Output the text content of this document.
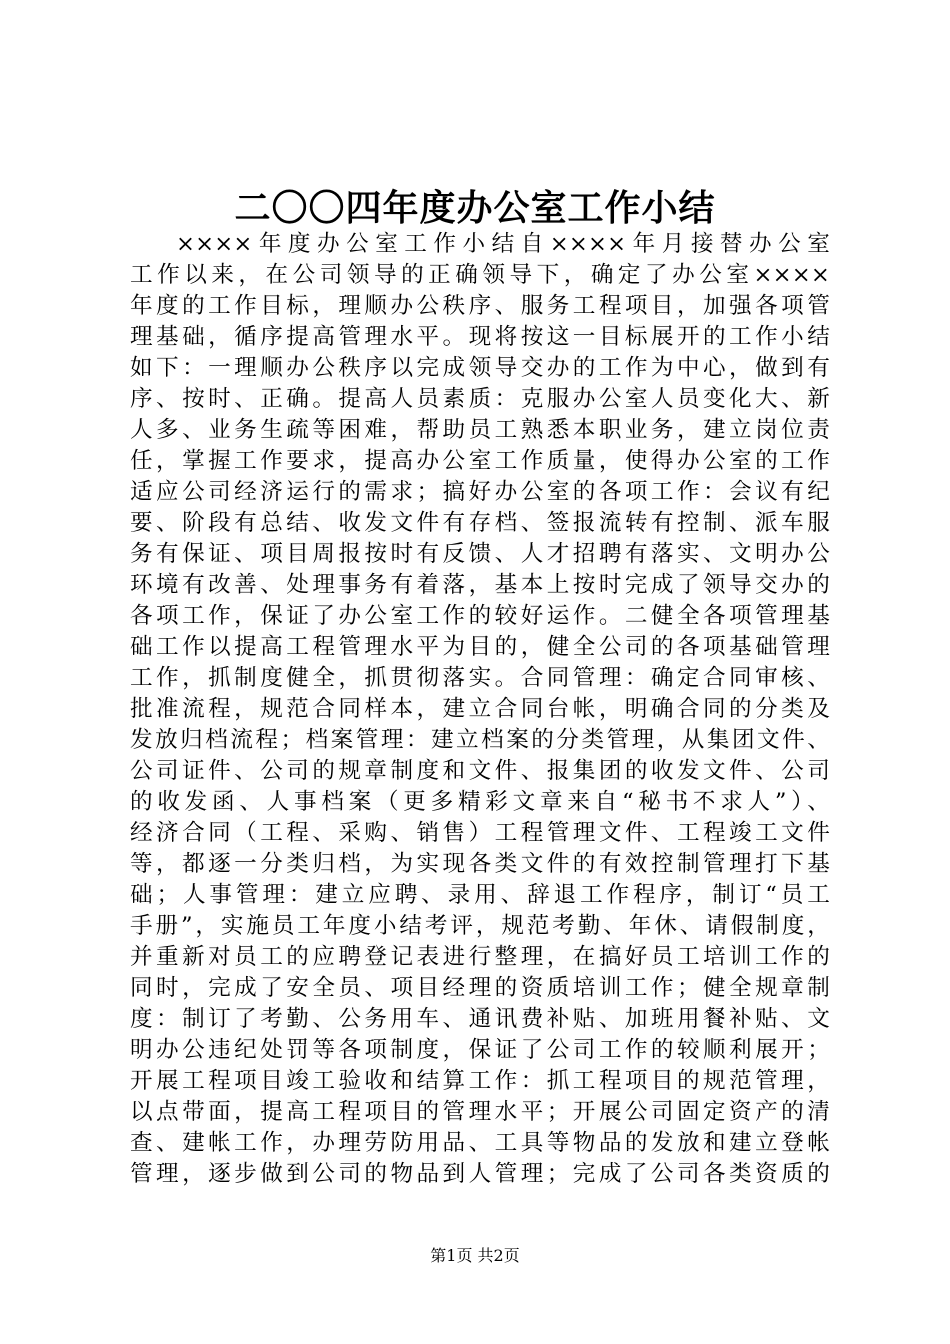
二〇〇四年度办公室工作小结
××××年度办公室工作小结自××××年月接替办公室
工作以来，在公司领导的正确领导下，确定了办公室××××
年度的工作目标，理顺办公秩序、服务工程项目，加强各项管
理基础，循序提高管理水平。现将按这一目标展开的工作小结
如下：一理顺办公秩序以完成领导交办的工作为中心，做到有
序、按时、正确。提高人员素质：克服办公室人员变化大、新
人多、业务生疏等困难，帮助员工熟悉本职业务，建立岗位责
任，掌握工作要求，提高办公室工作质量，使得办公室的工作
适应公司经济运行的需求；搞好办公室的各项工作：会议有纪
要、阶段有总结、收发文件有存档、签报流转有控制、派车服
务有保证、项目周报按时有反馈、人才招聘有落实、文明办公
环境有改善、处理事务有着落，基本上按时完成了领导交办的
各项工作，保证了办公室工作的较好运作。二健全各项管理基
础工作以提高工程管理水平为目的，健全公司的各项基础管理
工作，抓制度健全，抓贯彻落实。合同管理：确定合同审核、
批准流程，规范合同样本，建立合同台帐，明确合同的分类及
发放归档流程；档案管理：建立档案的分类管理，从集团文件、
公司证件、公司的规章制度和文件、报集团的收发文件、公司
的收发函、人事档案（更多精彩文章来自“秘书不求人”）、
经济合同（工程、采购、销售）工程管理文件、工程竣工文件
等，都逐一分类归档，为实现各类文件的有效控制管理打下基
础；人事管理：建立应聘、录用、辞退工作程序，制订“员工
手册”，实施员工年度小结考评，规范考勤、年休、请假制度，
并重新对员工的应聘登记表进行整理，在搞好员工培训工作的
同时，完成了安全员、项目经理的资质培训工作；健全规章制
度：制订了考勤、公务用车、通讯费补贴、加班用餐补贴、文
明办公违纪处罚等各项制度，保证了公司工作的较顺利展开；
开展工程项目竣工验收和结算工作：抓工程项目的规范管理，
以点带面，提高工程项目的管理水平；开展公司固定资产的清
查、建帐工作，办理劳防用品、工具等物品的发放和建立登帐
管理，逐步做到公司的物品到人管理；完成了公司各类资质的
第1页 共2页
